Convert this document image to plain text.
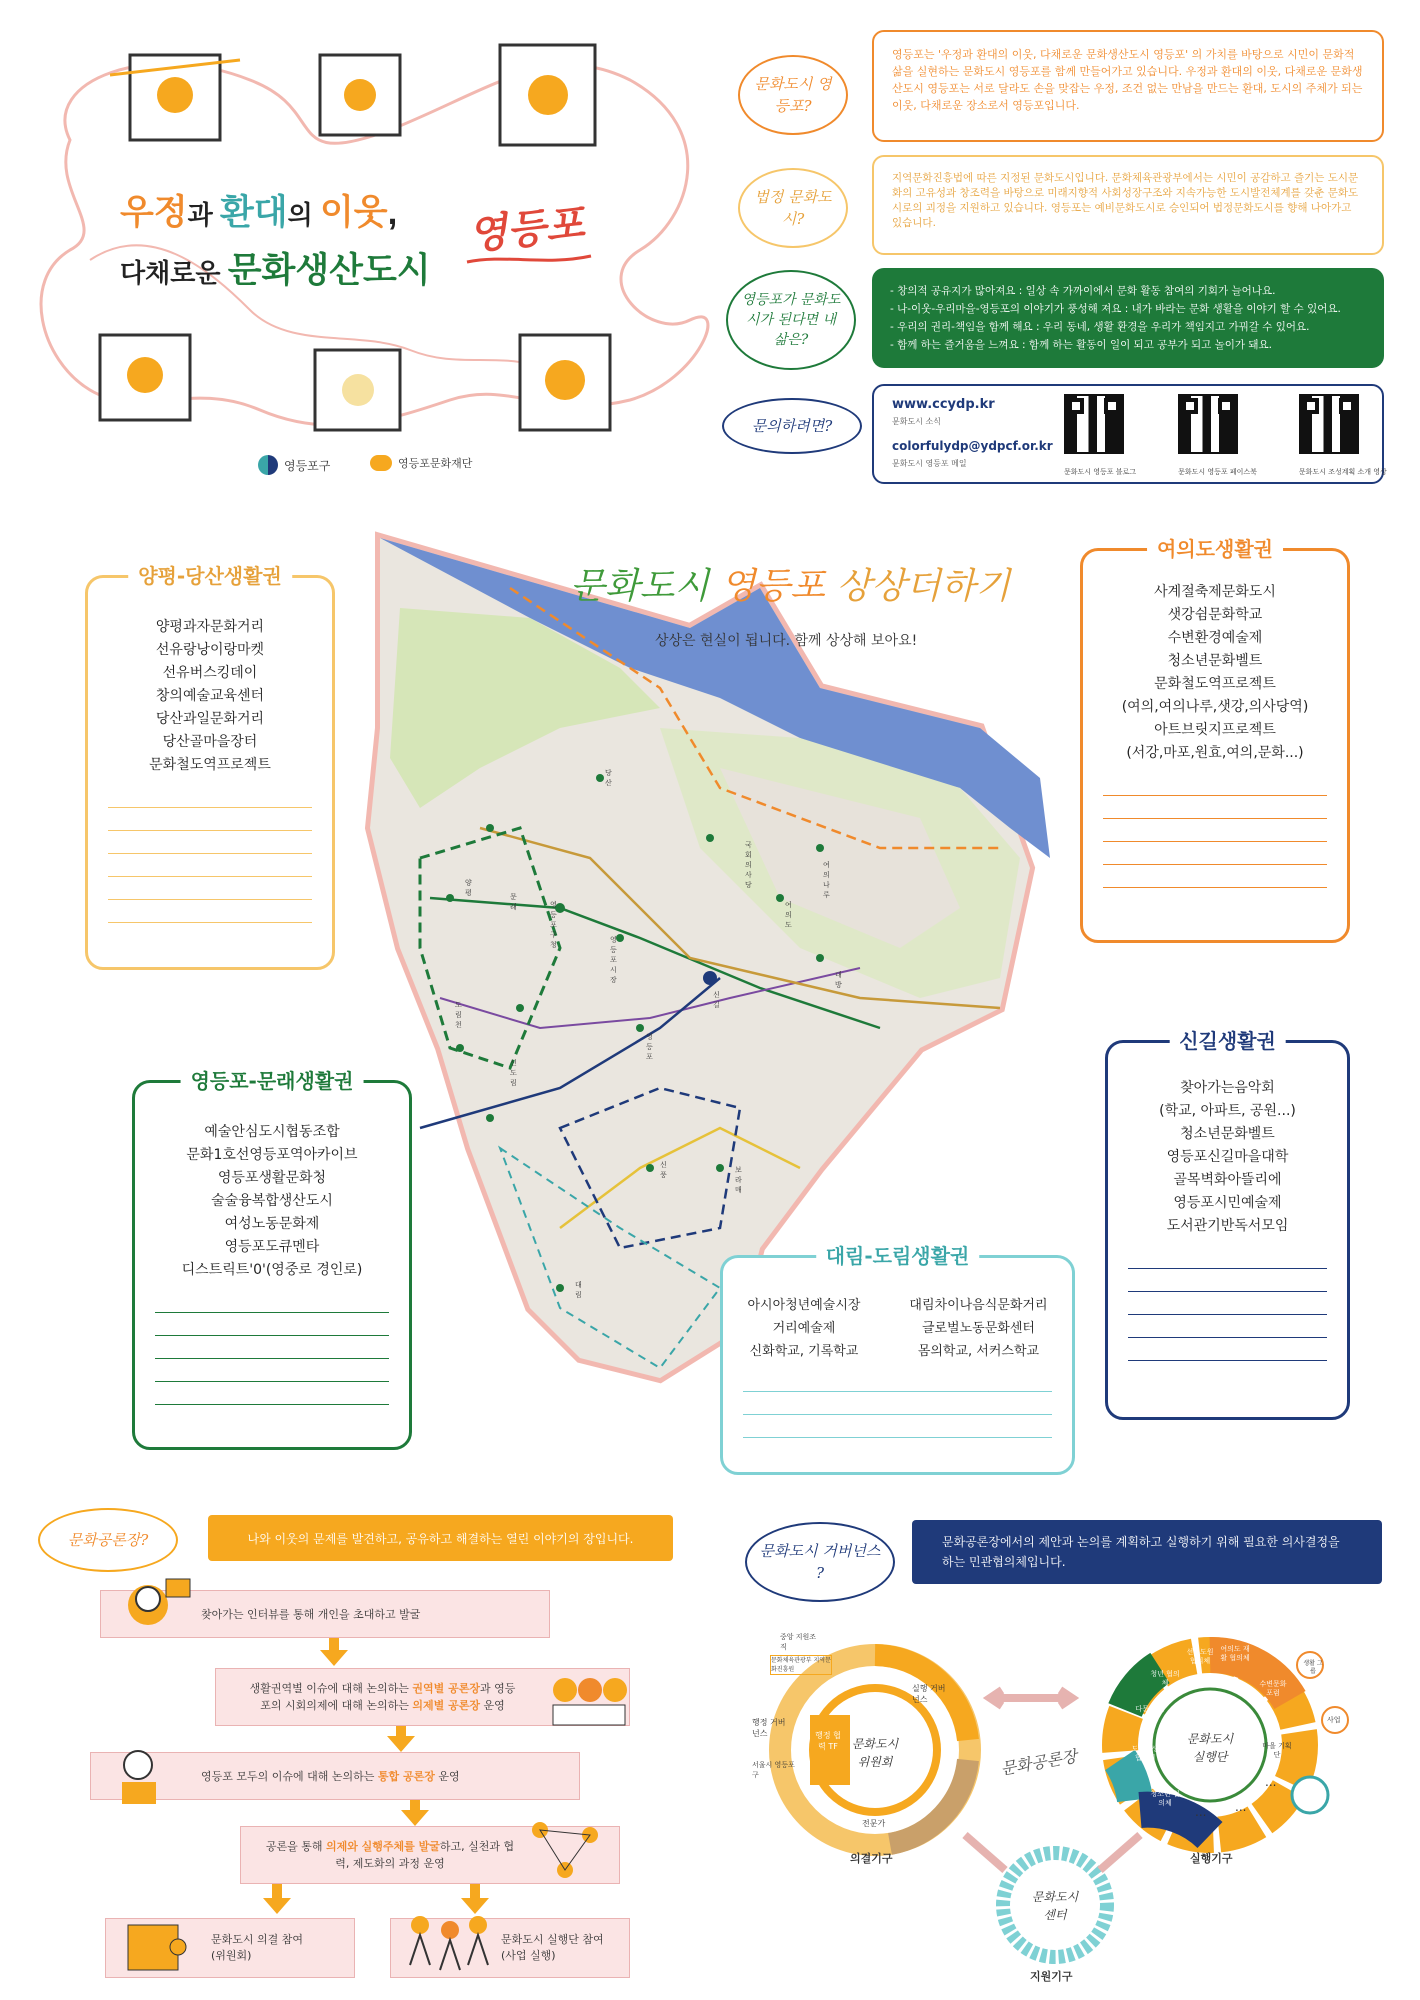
우정과 환대의 이웃,
다채로운 문화생산도시
영등포
영등포구	영등포문화재단
문화도시 영등포?
영등포는 '우정과 환대의 이웃, 다채로운 문화생산도시 영등포' 의 가치를 바탕으로 시민이 문화적 삶을 실현하는 문화도시 영등포를 함께 만들어가고 있습니다. 우정과 환대의 이웃, 다채로운 문화생산도시 영등포는 서로 달라도 손을 맞잡는 우정, 조건 없는 만남을 만드는 환대, 도시의 주체가 되는 이웃, 다채로운 장소로서 영등포입니다.
법정 문화도시?
지역문화진흥법에 따른 지정된 문화도시입니다. 문화체육관광부에서는 시민이 공감하고 즐기는 도시문화의 고유성과 창조력을 바탕으로 미래지향적 사회성장구조와 지속가능한 도시발전체계를 갖춘 문화도시로의 괴정을 지원하고 있습니다. 영등포는 예비문화도시로 승인되어 법정문화도시를 향해 나아가고 있습니다.
영등포가 문화도시가 된다면 내 삶은?
- 창의적 공유지가 많아져요 : 일상 속 가까이에서 문화 활동 참여의 기회가 늘어나요.
- 나-이웃-우리마을-영등포의 이야기가 풍성해 져요 : 내가 바라는 문화 생활을 이야기 할 수 있어요.
- 우리의 권리-책임을 함께 해요 : 우리 동네, 생활 환경을 우리가 책임지고 가꿔갈 수 있어요.
- 함께 하는 즐거움을 느껴요 : 함께 하는 활동이 일이 되고 공부가 되고 놀이가 돼요.
문의하려면?
www.ccydp.kr
문화도시 소식
colorfulydp@ydpcf.or.kr
문화도시 영등포 메일
문화도시 영등포 블로그	문화도시 영등포 페이스북	문화도시 조성계획 소개 영상
문화도시 영등포 상상더하기
상상은 현실이 됩니다. 함께 상상해 보아요!
당산
문래	영등포구청
영등포시장
여의도
국회의사당
신길
대방
보라매
신풍
대림
도림천
신도림
양평
여의나루
영등포
양평-당산생활권
양평과자문화거리
선유랑낭이랑마켓
선유버스킹데이
창의예술교육센터
당산과일문화거리
당산골마을장터
문화철도역프로젝트
여의도생활권
사계절축제문화도시
샛강쉼문화학교
수변환경예술제
청소년문화벨트
문화철도역프로젝트
(여의,여의나루,샛강,의사당역)
아트브릿지프로젝트
(서강,마포,원효,여의,문화...)
영등포-문래생활권
예술안심도시협동조합
문화1호선영등포역아카이브
영등포생활문화청
술술융복합생산도시
여성노동문화제
영등포도큐멘타
디스트릭트'0'(영중로 경인로)
신길생활권
찾아가는음악회
(학교, 아파트, 공원...)
청소년문화벨트
영등포신길마을대학
골목벽화아뜰리에
영등포시민예술제
도서관기반독서모임
대림-도림생활권
아시아청년예술시장
거리예술제
신화학교, 기록학교
대림차이나음식문화거리
글로벌노동문화센터
몸의학교, 서커스학교
문화공론장?	나와 이웃의 문제를 발견하고, 공유하고 해결하는 열린 이야기의 장입니다.
찾아가는 인터뷰를 통해 개인을 초대하고 발굴
생활권역별 이슈에 대해 논의하는 권역별 공론장과 영등포의 시회의제에 대해 논의하는 의제별 공론장 운영
영등포 모두의 이슈에 대해 논의하는 통합 공론장 운영
공론을 통해 의제와 실행주체를 발굴하고, 실천과 협력, 제도화의 과정 운영
문화도시 의결 참여 (위원회)
문화도시 실행단 참여 (사업 실행)
문화도시 거버넌스 ?
문화공론장에서의 제안과 논의를 계획하고 실행하기 위해 필요한 의사결정을 하는 민관협의체입니다.
문화공론장
문화도시 위원회
의결기구
행정 거버넌스
실행 거버넌스
전문가
행정 협력 TF
서울시 영등포구
중앙 지원조직
문화체육관광부 지역문화진흥원
문화도시 실행단
실행기구
청년 협의체
선유도원 협의체
여의도 재활 협의체
다문화 협의체
도시재생 협의체
청소년 협의체
마을 기획단
수변문화 포럼
... ...
...
생활 그룹
사업
문화도시 센터
지원기구
